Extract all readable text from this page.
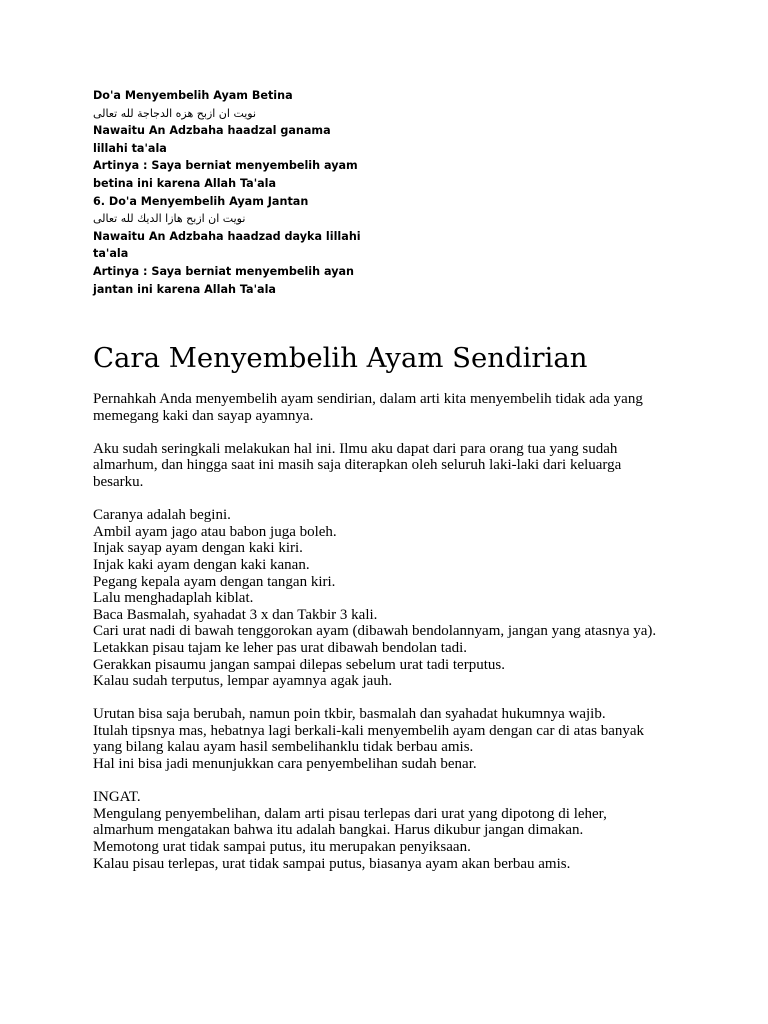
Do'a Menyembelih Ayam Betina
نويت ان ازبح هزه الدجاجة لله تعالى
Nawaitu An Adzbaha haadzal ganama
lillahi ta'ala
Artinya : Saya berniat menyembelih ayam
betina ini karena Allah Ta'ala
6. Do'a Menyembelih Ayam Jantan
نويت ان ازبح هازا الديك لله تعالى
Nawaitu An Adzbaha haadzad dayka lillahi
ta'ala
Artinya : Saya berniat menyembelih ayan
jantan ini karena Allah Ta'ala
Cara Menyembelih Ayam Sendirian

Pernahkah Anda menyembelih ayam sendirian, dalam arti kita menyembelih tidak ada yang
memegang kaki dan sayap ayamnya.

Aku sudah seringkali melakukan hal ini. Ilmu aku dapat dari para orang tua yang sudah
almarhum, dan hingga saat ini masih saja diterapkan oleh seluruh laki-laki dari keluarga
besarku.

Caranya adalah begini.
Ambil ayam jago atau babon juga boleh.
Injak sayap ayam dengan kaki kiri.
Injak kaki ayam dengan kaki kanan.
Pegang kepala ayam dengan tangan kiri.
Lalu menghadaplah kiblat.
Baca Basmalah, syahadat 3 x dan Takbir 3 kali.
Cari urat nadi di bawah tenggorokan ayam (dibawah bendolannyam, jangan yang atasnya ya).
Letakkan pisau tajam ke leher pas urat dibawah bendolan tadi.
Gerakkan pisaumu jangan sampai dilepas sebelum urat tadi terputus.
Kalau sudah terputus, lempar ayamnya agak jauh.

Urutan bisa saja berubah, namun poin tkbir, basmalah dan syahadat hukumnya wajib.
Itulah tipsnya mas, hebatnya lagi berkali-kali menyembelih ayam dengan car di atas banyak
yang bilang kalau ayam hasil sembelihanklu tidak berbau amis.
Hal ini bisa jadi menunjukkan cara penyembelihan sudah benar.

INGAT.
Mengulang penyembelihan, dalam arti pisau terlepas dari urat yang dipotong di leher,
almarhum mengatakan bahwa itu adalah bangkai. Harus dikubur jangan dimakan.
Memotong urat tidak sampai putus, itu merupakan penyiksaan.
Kalau pisau terlepas, urat tidak sampai putus, biasanya ayam akan berbau amis.
